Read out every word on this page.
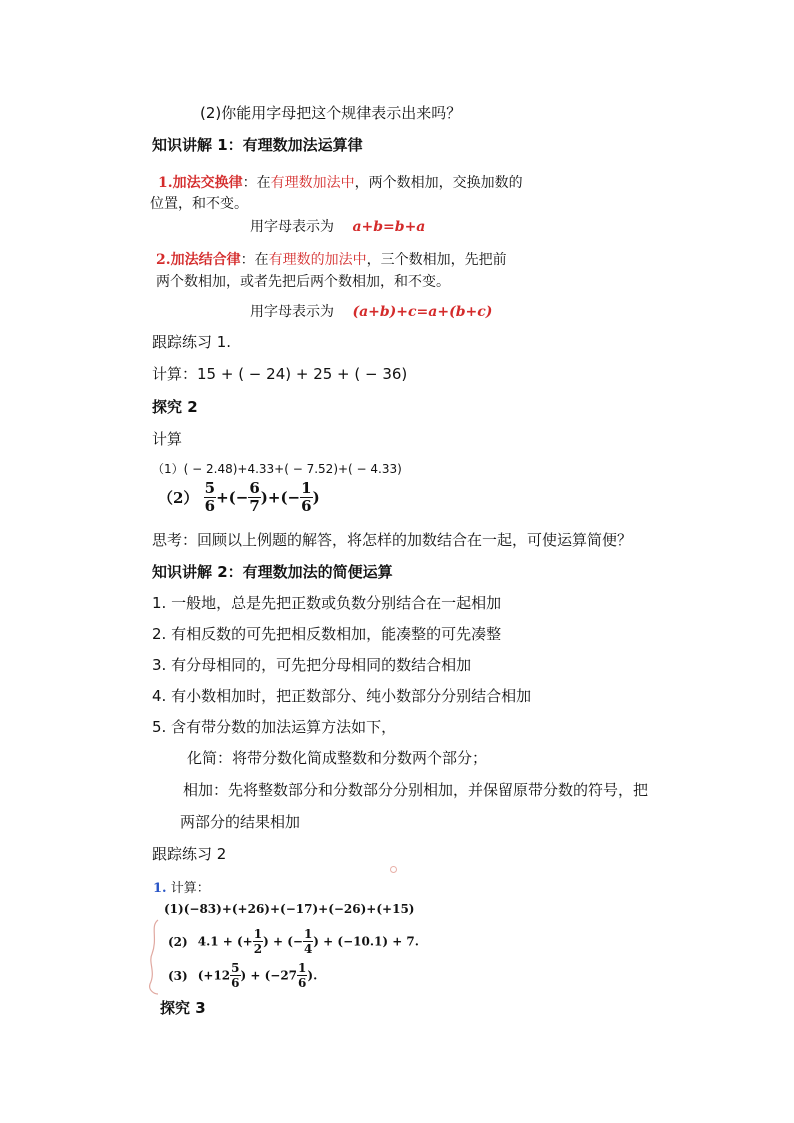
(2)你能用字母把这个规律表示出来吗？
知识讲解 1：有理数加法运算律
1.加法交换律：在有理数加法中，两个数相加，交换加数的
位置，和不变。
用字母表示为 a+b=b+a
2.加法结合律：在有理数的加法中，三个数相加，先把前
两个数相加，或者先把后两个数相加，和不变。
用字母表示为 (a+b)+c=a+(b+c)
跟踪练习 1.
计算：15 + ( − 24) + 25 + ( − 36)
探究 2
计算
（1）( − 2.48)+4.33+( − 7.52)+( − 4.33)
$(2) \frac{5}{6}$ +(− $\frac{6}{7}$ )+(− $\frac{1}{6}$ )
思考：回顾以上例题的解答，将怎样的加数结合在一起，可使运算简便？
知识讲解 2：有理数加法的简便运算
1. 一般地，总是先把正数或负数分别结合在一起相加
2. 有相反数的可先把相反数相加，能凑整的可先凑整
3. 有分母相同的，可先把分母相同的数结合相加
4. 有小数相加时，把正数部分、纯小数部分分别结合相加
5. 含有带分数的加法运算方法如下，
化简：将带分数化简成整数和分数两个部分；
相加：先将整数部分和分数部分分别相加，并保留原带分数的符号，把
两部分的结果相加
跟踪练习 2
1. 计算：
(1)(−83)+(+26)+(−17)+(−26)+(+15)
(2) 4.1 + (+ $\frac{1}{2}$ ) + (− $\frac{1}{4}$ ) + (−10.1) + 7.
(3) ($+12 \frac{5}{6}$ ) + ($-27 \frac{1}{6}$ ).
探究 3
